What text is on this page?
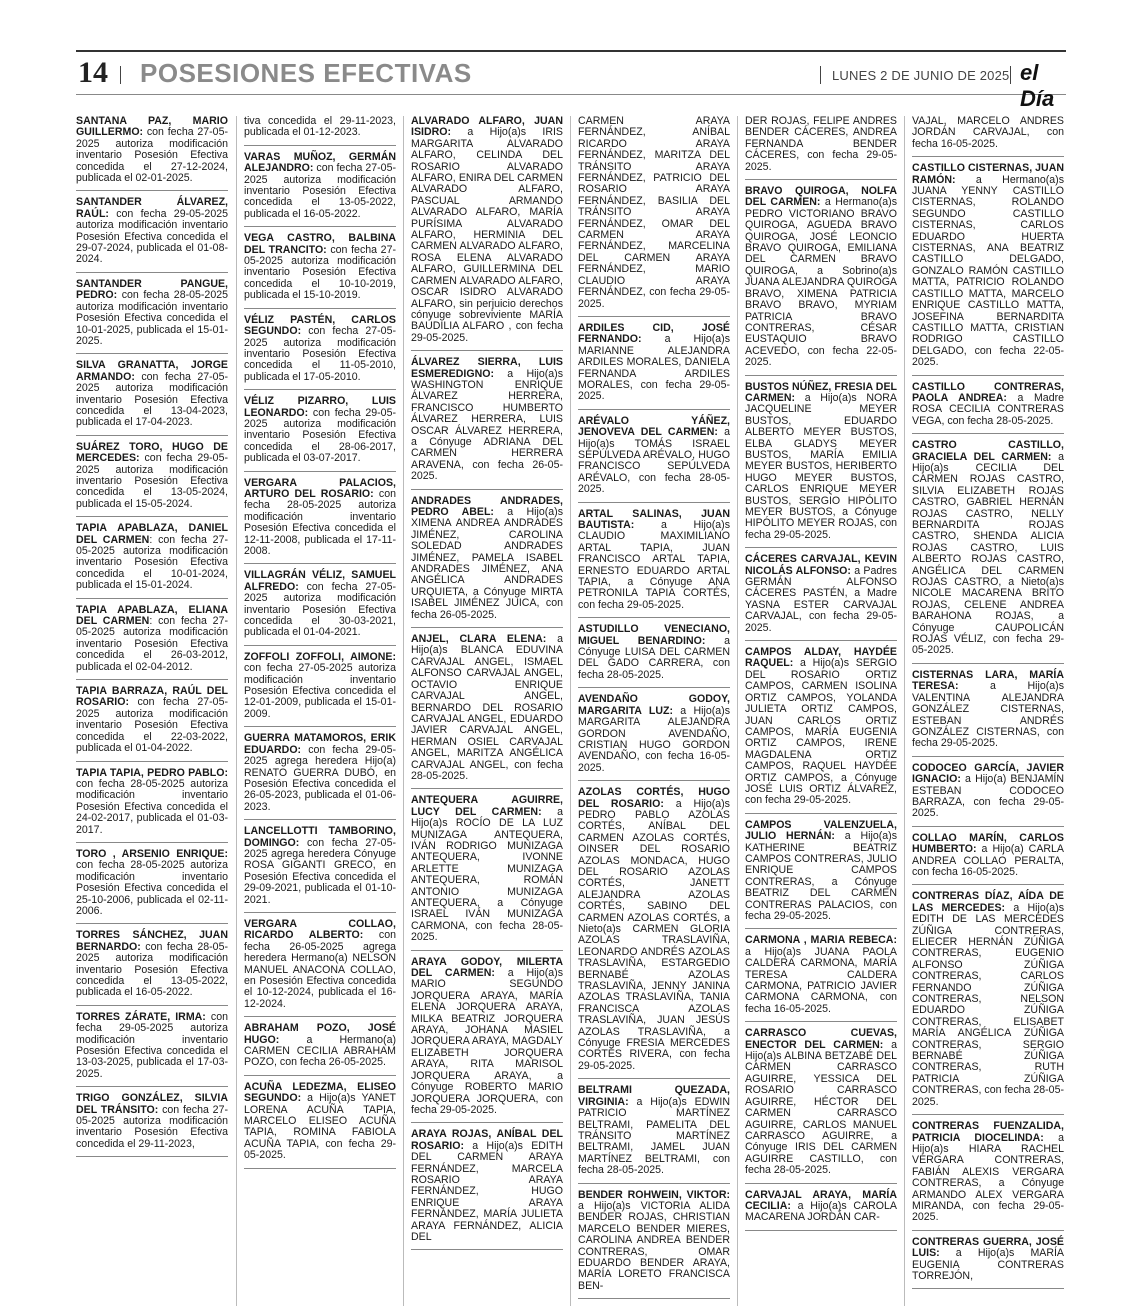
14 POSESIONES EFECTIVAS	LUNES 2 DE JUNIO DE 2025 el Día

SANTANA PAZ, MARIO GUILLERMO: con fecha 27-05-2025 autoriza modificación inventario Posesión Efectiva concedida el 27-12-2024, publicada el 02-01-2025.

SANTANDER ÁLVAREZ, RAÚL: con fecha 29-05-2025 autoriza modificación inventario Posesión Efectiva concedida el 29-07-2024, publicada el 01-08-2024.

SANTANDER PANGUE, PEDRO: con fecha 28-05-2025 autoriza modificación inventario Posesión Efectiva concedida el 10-01-2025, publicada el 15-01-2025.

SILVA GRANATTA, JORGE ARMANDO: con fecha 27-05-2025 autoriza modificación inventario Posesión Efectiva concedida el 13-04-2023, publicada el 17-04-2023.

SUÁREZ TORO, HUGO DE MERCEDES: con fecha 29-05-2025 autoriza modificación inventario Posesión Efectiva concedida el 13-05-2024, publicada el 15-05-2024.

TAPIA APABLAZA, DANIEL DEL CARMEN: con fecha 27-05-2025 autoriza modificación inventario Posesión Efectiva concedida el 10-01-2024, publicada el 15-01-2024.

TAPIA APABLAZA, ELIANA DEL CARMEN: con fecha 27-05-2025 autoriza modificación inventario Posesión Efectiva concedida el 26-03-2012, publicada el 02-04-2012.

TAPIA BARRAZA, RAÚL DEL ROSARIO: con fecha 27-05-2025 autoriza modificación inventario Posesión Efectiva concedida el 22-03-2022, publicada el 01-04-2022.

TAPIA TAPIA, PEDRO PABLO: con fecha 28-05-2025 autoriza modificación inventario Posesión Efectiva concedida el 24-02-2017, publicada el 01-03-2017.

TORO , ARSENIO ENRIQUE: con fecha 28-05-2025 autoriza modificación inventario Posesión Efectiva concedida el 25-10-2006, publicada el 02-11-2006.

TORRES SÁNCHEZ, JUAN BERNARDO: con fecha 28-05-2025 autoriza modificación inventario Posesión Efectiva concedida el 13-05-2022, publicada el 16-05-2022.

TORRES ZÁRATE, IRMA: con fecha 29-05-2025 autoriza modificación inventario Posesión Efectiva concedida el 13-03-2025, publicada el 17-03-2025.

TRIGO GONZÁLEZ, SILVIA DEL TRÁNSITO: con fecha 27-05-2025 autoriza modificación inventario Posesión Efectiva concedida el 29-11-2023,

tiva concedida el 29-11-2023, publicada el 01-12-2023.

VARAS MUÑOZ, GERMÁN ALEJANDRO: con fecha 27-05-2025 autoriza modificación inventario Posesión Efectiva concedida el 13-05-2022, publicada el 16-05-2022.

VEGA CASTRO, BALBINA DEL TRANCITO: con fecha 27-05-2025 autoriza modificación inventario Posesión Efectiva concedida el 10-10-2019, publicada el 15-10-2019.

VÉLIZ PASTÉN, CARLOS SEGUNDO: con fecha 27-05-2025 autoriza modificación inventario Posesión Efectiva concedida el 11-05-2010, publicada el 17-05-2010.

VÉLIZ PIZARRO, LUIS LEONARDO: con fecha 29-05-2025 autoriza modificación inventario Posesión Efectiva concedida el 28-06-2017, publicada el 03-07-2017.

VERGARA PALACIOS, ARTURO DEL ROSARIO: con fecha 28-05-2025 autoriza modificación inventario Posesión Efectiva concedida el 12-11-2008, publicada el 17-11-2008.

VILLAGRÁN VÉLIZ, SAMUEL ALFREDO: con fecha 27-05-2025 autoriza modificación inventario Posesión Efectiva concedida el 30-03-2021, publicada el 01-04-2021.

ZOFFOLI ZOFFOLI, AIMONE: con fecha 27-05-2025 autoriza modificación inventario Posesión Efectiva concedida el 12-01-2009, publicada el 15-01-2009.

GUERRA MATAMOROS, ERIK EDUARDO: con fecha 29-05-2025 agrega heredera Hijo(a) RENATO GUERRA DUBÓ, en Posesión Efectiva concedida el 26-05-2023, publicada el 01-06-2023.

LANCELLOTTI TAMBORINO, DOMINGO: con fecha 27-05-2025 agrega heredera Cónyuge ROSA GIGANTI GRECO, en Posesión Efectiva concedida el 29-09-2021, publicada el 01-10-2021.

VERGARA COLLAO, RICARDO ALBERTO: con fecha 26-05-2025 agrega heredera Hermano(a) NELSON MANUEL ANACONA COLLAO, en Posesión Efectiva concedida el 10-12-2024, publicada el 16-12-2024.

ABRAHAM POZO, JOSÉ HUGO: a Hermano(a) CARMEN CECILIA ABRAHAM POZO, con fecha 26-05-2025.

ACUÑA LEDEZMA, ELISEO SEGUNDO: a Hijo(a)s YANET LORENA ACUÑA TAPIA, MARCELO ELISEO ACUÑA TAPIA, ROMINA FABIOLA ACUÑA TAPIA, con fecha 29-05-2025.

ALVARADO ALFARO, JUAN ISIDRO: a Hijo(a)s IRIS MARGARITA ALVARADO ALFARO, CELINDA DEL ROSARIO ALVARADO ALFARO, ENIRA DEL CARMEN ALVARADO ALFARO, PASCUAL ARMANDO ALVARADO ALFARO, MARÍA PURÍSIMA ALVARADO ALFARO, HERMINIA DEL CARMEN ALVARADO ALFARO, ROSA ELENA ALVARADO ALFARO, GUILLERMINA DEL CARMEN ALVARADO ALFARO, OSCAR ISIDRO ALVARADO ALFARO, sin perjuicio derechos cónyuge sobreviviente MARÍA BAUDILIA ALFARO , con fecha 29-05-2025.

ÁLVAREZ SIERRA, LUIS ESMEREDIGNO: a Hijo(a)s WASHINGTON ENRIQUE ÁLVAREZ HERRERA, FRANCISCO HUMBERTO ÁLVAREZ HERRERA, LUIS OSCAR ÁLVAREZ HERRERA, a Cónyuge ADRIANA DEL CARMEN HERRERA ARAVENA, con fecha 26-05-2025.

ANDRADES ANDRADES, PEDRO ABEL: a Hijo(a)s XIMENA ANDREA ANDRADES JIMÉNEZ, CAROLINA SOLEDAD ANDRADES JIMÉNEZ, PAMELA ISABEL ANDRADES JIMÉNEZ, ANA ANGÉLICA ANDRADES URQUIETA, a Cónyuge MIRTA ISABEL JIMÉNEZ JUICA, con fecha 26-05-2025.

ANJEL, CLARA ELENA: a Hijo(a)s BLANCA EDUVINA CARVAJAL ANGEL, ISMAEL ALFONSO CARVAJAL ANGEL, OCTAVIO ENRIQUE CARVAJAL ANGEL, BERNARDO DEL ROSARIO CARVAJAL ANGEL, EDUARDO JAVIER CARVAJAL ANGEL, HERMAN OSIEL CARVAJAL ANGEL, MARITZA ANGÉLICA CARVAJAL ANGEL, con fecha 28-05-2025.

ANTEQUERA AGUIRRE, LUCY DEL CARMEN: a Hijo(a)s ROCÍO DE LA LUZ MUNIZAGA ANTEQUERA, IVÁN RODRIGO MUNIZAGA ANTEQUERA, IVONNE ARLETTE MUNIZAGA ANTEQUERA, ROMÁN ANTONIO MUNIZAGA ANTEQUERA, a Cónyuge ISRAEL IVÁN MUNIZAGA CARMONA, con fecha 28-05-2025.

ARAYA GODOY, MILERTA DEL CARMEN: a Hijo(a)s MARIO SEGUNDO JORQUERA ARAYA, MARÍA ELENA JORQUERA ARAYA, MILKA BEATRIZ JORQUERA ARAYA, JOHANA MASIEL JORQUERA ARAYA, MAGDALY ELIZABETH JORQUERA ARAYA, RITA MARISOL JORQUERA ARAYA, a Cónyuge ROBERTO MARIO JORQUERA JORQUERA, con fecha 29-05-2025.

ARAYA ROJAS, ANÍBAL DEL ROSARIO: a Hijo(a)s EDITH DEL CARMEN ARAYA FERNÁNDEZ, MARCELA ROSARIO ARAYA FERNÁNDEZ, HUGO ENRIQUE ARAYA FERNÁNDEZ, MARÍA JULIETA ARAYA FERNÁNDEZ, ALICIA DEL

CARMEN ARAYA FERNÁNDEZ, ANÍBAL RICARDO ARAYA FERNÁNDEZ, MARITZA DEL TRÁNSITO ARAYA FERNÁNDEZ, PATRICIO DEL ROSARIO ARAYA FERNÁNDEZ, BASILIA DEL TRÁNSITO ARAYA FERNÁNDEZ, OMAR DEL CARMEN ARAYA FERNÁNDEZ, MARCELINA DEL CARMEN ARAYA FERNÁNDEZ, MARIO CLAUDIO ARAYA FERNÁNDEZ, con fecha 29-05-2025.

ARDILES CID, JOSÉ FERNANDO: a Hijo(a)s MARIANNE ALEJANDRA ARDILES MORALES, DANIELA FERNANDA ARDILES MORALES, con fecha 29-05-2025.

ARÉVALO YÁÑEZ, JENOVEVA DEL CARMEN: a Hijo(a)s TOMÁS ISRAEL SEPÚLVEDA ARÉVALO, HUGO FRANCISCO SEPÚLVEDA ARÉVALO, con fecha 28-05-2025.

ARTAL SALINAS, JUAN BAUTISTA: a Hijo(a)s CLAUDIO MAXIMILIANO ARTAL TAPIA, JUAN FRANCISCO ARTAL TAPIA, ERNESTO EDUARDO ARTAL TAPIA, a Cónyuge ANA PETRONILA TAPIA CORTÉS, con fecha 29-05-2025.

ASTUDILLO VENECIANO, MIGUEL BENARDINO: a Cónyuge LUISA DEL CARMEN DEL GADO CARRERA, con fecha 28-05-2025.

AVENDAÑO GODOY, MARGARITA LUZ: a Hijo(a)s MARGARITA ALEJANDRA GORDON AVENDAÑO, CRISTIAN HUGO GORDON AVENDAÑO, con fecha 16-05-2025.

AZOLAS CORTÉS, HUGO DEL ROSARIO: a Hijo(a)s PEDRO PABLO AZOLAS CORTÉS, ANÍBAL DEL CARMEN AZOLAS CORTÉS, OINSER DEL ROSARIO AZOLAS MONDACA, HUGO DEL ROSARIO AZOLAS CORTÉS, JANETT ALEJANDRA AZOLAS CORTÉS, SABINO DEL CARMEN AZOLAS CORTÉS, a Nieto(a)s CARMEN GLORIA AZOLAS TRASLAVIÑA, LEONARDO ANDRÉS AZOLAS TRASLAVIÑA, ESTARGEDIO BERNABÉ AZOLAS TRASLAVIÑA, JENNY JANINA AZOLAS TRASLAVIÑA, TANIA FRANCISCA AZOLAS TRASLAVIÑA, JUAN JESÚS AZOLAS TRASLAVIÑA, a Cónyuge FRESIA MERCEDES CORTÉS RIVERA, con fecha 29-05-2025.

BELTRAMI QUEZADA, VIRGINIA: a Hijo(a)s EDWIN PATRICIO MARTÍNEZ BELTRAMI, PAMELITA DEL TRÁNSITO MARTÍNEZ BELTRAMI, JAMEL JUAN MARTÍNEZ BELTRAMI, con fecha 28-05-2025.

BENDER ROHWEIN, VIKTOR: a Hijo(a)s VICTORIA ALIDA BENDER ROJAS, CHRISTIAN MARCELO BENDER MIERES, CAROLINA ANDREA BENDER CONTRERAS, OMAR EDUARDO BENDER ARAYA, MARÍA LORETO FRANCISCA BEN-

DER ROJAS, FELIPE ANDRÉS BENDER CÁCERES, ANDREA FERNANDA BENDER CÁCERES, con fecha 29-05-2025.

BRAVO QUIROGA, NOLFA DEL CARMEN: a Hermano(a)s PEDRO VICTORIANO BRAVO QUIROGA, AGUEDA BRAVO QUIROGA, JOSÉ LEONCIO BRAVO QUIROGA, EMILIANA DEL CARMEN BRAVO QUIROGA, a Sobrino(a)s JUANA ALEJANDRA QUIROGA BRAVO, XIMENA PATRICIA BRAVO BRAVO, MYRIAM PATRICIA BRAVO CONTRERAS, CÉSAR EUSTAQUIO BRAVO ACEVEDO, con fecha 22-05-2025.

BUSTOS NÚÑEZ, FRESIA DEL CARMEN: a Hijo(a)s NORA JACQUELINE MEYER BUSTOS, EDUARDO ALBERTO MEYER BUSTOS, ELBA GLADYS MEYER BUSTOS, MARÍA EMILIA MEYER BUSTOS, HERIBERTO HUGO MEYER BUSTOS, CARLOS ENRIQUE MEYER BUSTOS, SERGIO HIPÓLITO MEYER BUSTOS, a Cónyuge HIPÓLITO MEYER ROJAS, con fecha 29-05-2025.

CÁCERES CARVAJAL, KEVIN NICOLÁS ALFONSO: a Padres GERMÁN ALFONSO CÁCERES PASTÉN, a Madre YASNA ESTER CARVAJAL CARVAJAL, con fecha 29-05-2025.

CAMPOS ALDAY, HAYDÉE RAQUEL: a Hijo(a)s SERGIO DEL ROSARIO ORTIZ CAMPOS, CARMEN ISOLINA ORTIZ CAMPOS, YOLANDA JULIETA ORTIZ CAMPOS, JUAN CARLOS ORTIZ CAMPOS, MARÍA EUGENIA ORTIZ CAMPOS, IRENE MAGDALENA ORTIZ CAMPOS, RAQUEL HAYDÉE ORTIZ CAMPOS, a Cónyuge JOSÉ LUIS ORTIZ ÁLVAREZ, con fecha 29-05-2025.

CAMPOS VALENZUELA, JULIO HERNÁN: a Hijo(a)s KATHERINE BEATRIZ CAMPOS CONTRERAS, JULIO ENRIQUE CAMPOS CONTRERAS, a Cónyuge BEATRIZ DEL CARMEN CONTRERAS PALACIOS, con fecha 29-05-2025.

CARMONA , MARIA REBECA: a Hijo(a)s JUANA PAOLA CALDERA CARMONA, MARÍA TERESA CALDERA CARMONA, PATRICIO JAVIER CARMONA CARMONA, con fecha 16-05-2025.

CARRASCO CUEVAS, ENECTOR DEL CARMEN: a Hijo(a)s ALBINA BETZABÉ DEL CARMEN CARRASCO AGUIRRE, YESSICA DEL ROSARIO CARRASCO AGUIRRE, HÉCTOR DEL CARMEN CARRASCO AGUIRRE, CARLOS MANUEL CARRASCO AGUIRRE, a Cónyuge IRIS DEL CARMEN AGUIRRE CASTILLO, con fecha 28-05-2025.

CARVAJAL ARAYA, MARÍA CECILIA: a Hijo(a)s CAROLA MACARENA JORDÁN CAR-

VAJAL, MARCELO ANDRÉS JORDÁN CARVAJAL, con fecha 16-05-2025.

CASTILLO CISTERNAS, JUAN RAMÓN: a Hermano(a)s JUANA YENNY CASTILLO CISTERNAS, ROLANDO SEGUNDO CASTILLO CISTERNAS, CARLOS EDUARDO HUERTA CISTERNAS, ANA BEATRIZ CASTILLO DELGADO, GONZALO RAMÓN CASTILLO MATTA, PATRICIO ROLANDO CASTILLO MATTA, MARCELO ENRIQUE CASTILLO MATTA, JOSEFINA BERNARDITA CASTILLO MATTA, CRISTIAN RODRIGO CASTILLO DELGADO, con fecha 22-05-2025.

CASTILLO CONTRERAS, PAOLA ANDREA: a Madre ROSA CECILIA CONTRERAS VEGA, con fecha 28-05-2025.

CASTRO CASTILLO, GRACIELA DEL CARMEN: a Hijo(a)s CECILIA DEL CARMEN ROJAS CASTRO, SILVIA ELIZABETH ROJAS CASTRO, GABRIEL HERNÁN ROJAS CASTRO, NELLY BERNARDITA ROJAS CASTRO, SHENDA ALICIA ROJAS CASTRO, LUIS ALBERTO ROJAS CASTRO, ANGÉLICA DEL CARMEN ROJAS CASTRO, a Nieto(a)s NICOLE MACARENA BRITO ROJAS, CELENE ANDREA BARAHONA ROJAS, a Cónyuge CAUPOLICÁN ROJAS VÉLIZ, con fecha 29-05-2025.

CISTERNAS LARA, MARÍA TERESA: a Hijo(a)s VALENTINA ALEJANDRA GONZÁLEZ CISTERNAS, ESTEBAN ANDRÉS GONZÁLEZ CISTERNAS, con fecha 29-05-2025.

CODOCEO GARCÍA, JAVIER IGNACIO: a Hijo(a) BENJAMÍN ESTEBAN CODOCEO BARRAZA, con fecha 29-05-2025.

COLLAO MARÍN, CARLOS HUMBERTO: a Hijo(a) CARLA ANDREA COLLAO PERALTA, con fecha 16-05-2025.

CONTRERAS DÍAZ, AÍDA DE LAS MERCEDES: a Hijo(a)s EDITH DE LAS MERCEDES ZÚÑIGA CONTRERAS, ELIECER HERNÁN ZÚÑIGA CONTRERAS, EUGENIO ALFONSO ZÚÑIGA CONTRERAS, CARLOS FERNANDO ZÚÑIGA CONTRERAS, NELSON EDUARDO ZÚÑIGA CONTRERAS, ELISABET MARÍA ANGÉLICA ZÚÑIGA CONTRERAS, SERGIO BERNABÉ ZÚÑIGA CONTRERAS, RUTH PATRICIA ZÚÑIGA CONTRERAS, con fecha 28-05-2025.

CONTRERAS FUENZALIDA, PATRICIA DIOCELINDA: a Hijo(a)s HIARA RACHEL VERGARA CONTRERAS, FABIÁN ALEXIS VERGARA CONTRERAS, a Cónyuge ARMANDO ALEX VERGARA MIRANDA, con fecha 29-05-2025.

CONTRERAS GUERRA, JOSÉ LUIS: a Hijo(a)s MARÍA EUGENIA CONTRERAS TORREJÓN,
